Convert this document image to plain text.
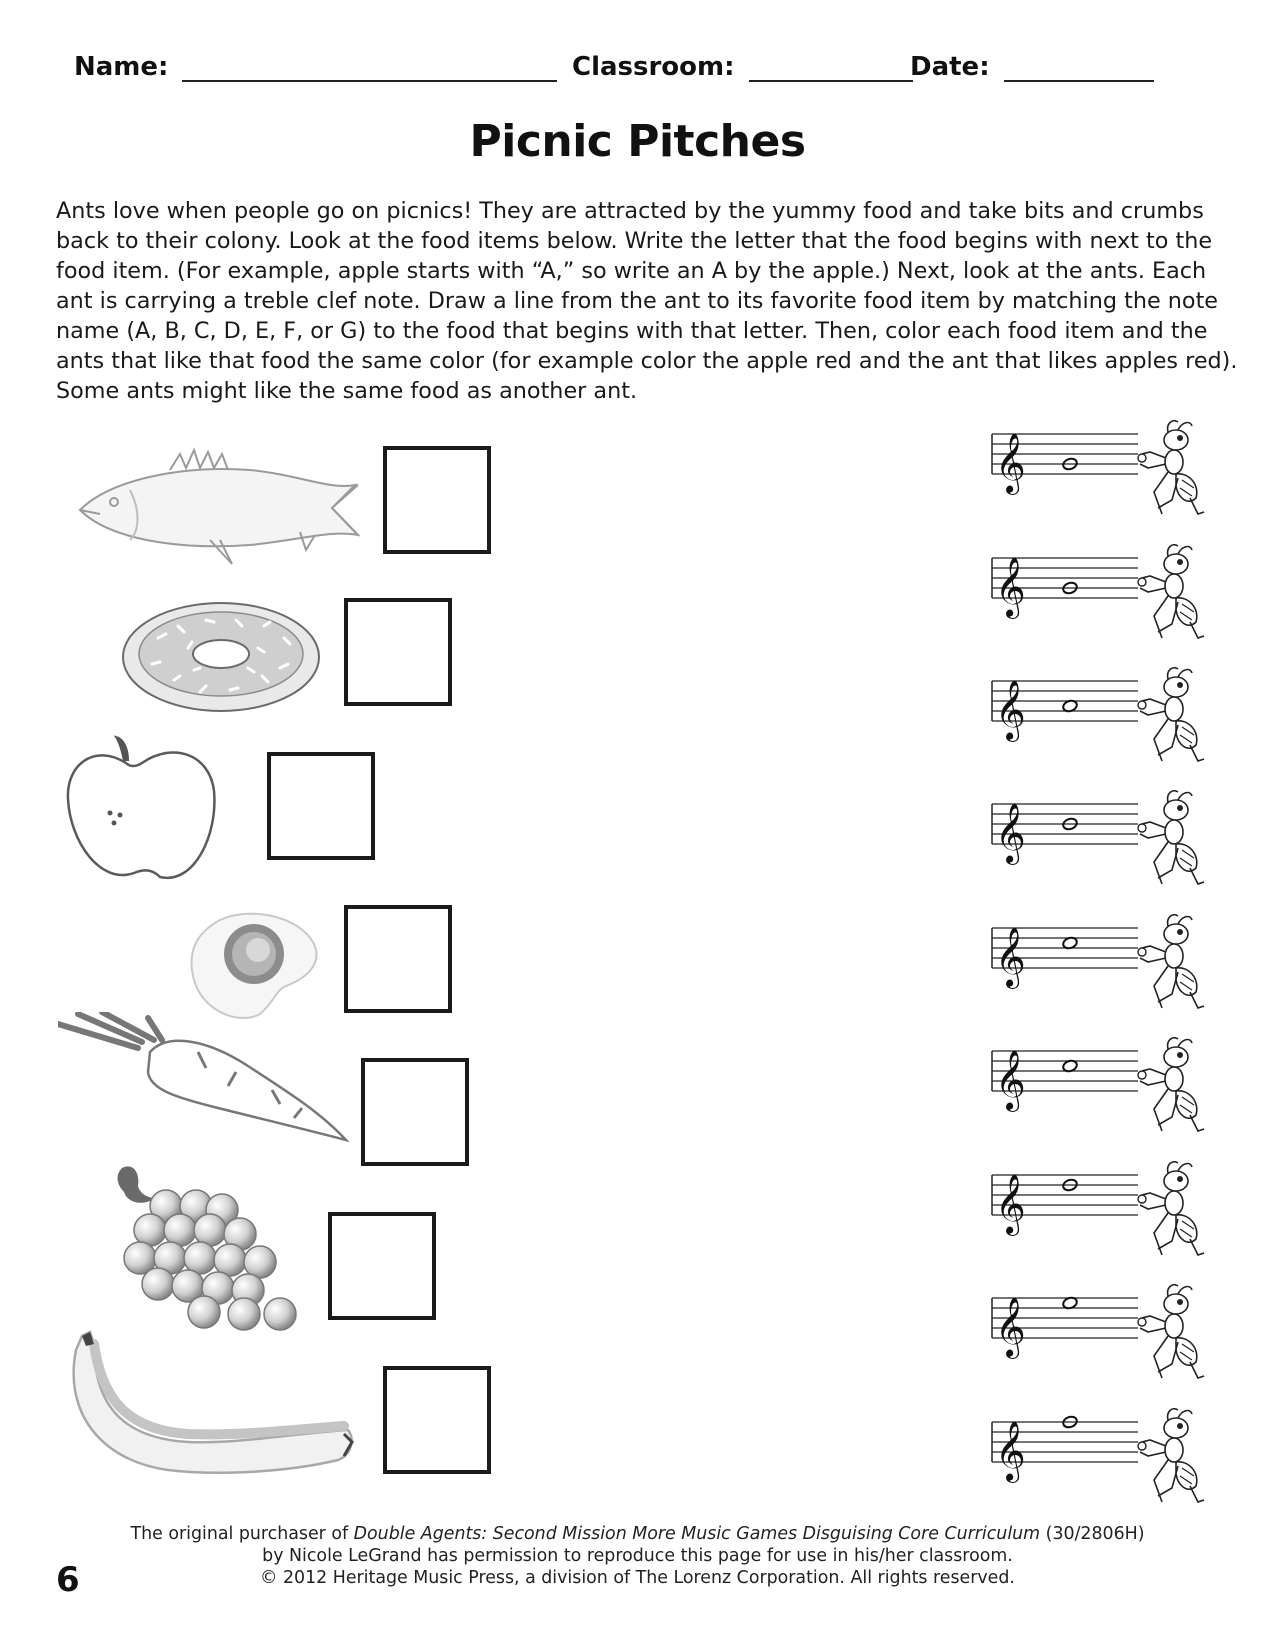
Name:	Classroom:	Date:
Picnic Pitches
Ants love when people go on picnics! They are attracted by the yummy food and take bits and crumbs
back to their colony. Look at the food items below. Write the letter that the food begins with next to the
food item. (For example, apple starts with “A,” so write an A by the apple.) Next, look at the ants. Each
ant is carrying a treble clef note. Draw a line from the ant to its favorite food item by matching the note
name (A, B, C, D, E, F, or G) to the food that begins with that letter. Then, color each food item and the
ants that like that food the same color (for example color the apple red and the ant that likes apples red).
Some ants might like the same food as another ant.
𝄞
𝄞
𝄞
𝄞
𝄞
𝄞
𝄞
𝄞
𝄞
The original purchaser of Double Agents: Second Mission More Music Games Disguising Core Curriculum (30/2806H)
by Nicole LeGrand has permission to reproduce this page for use in his/her classroom.
© 2012 Heritage Music Press, a division of The Lorenz Corporation. All rights reserved.
6
